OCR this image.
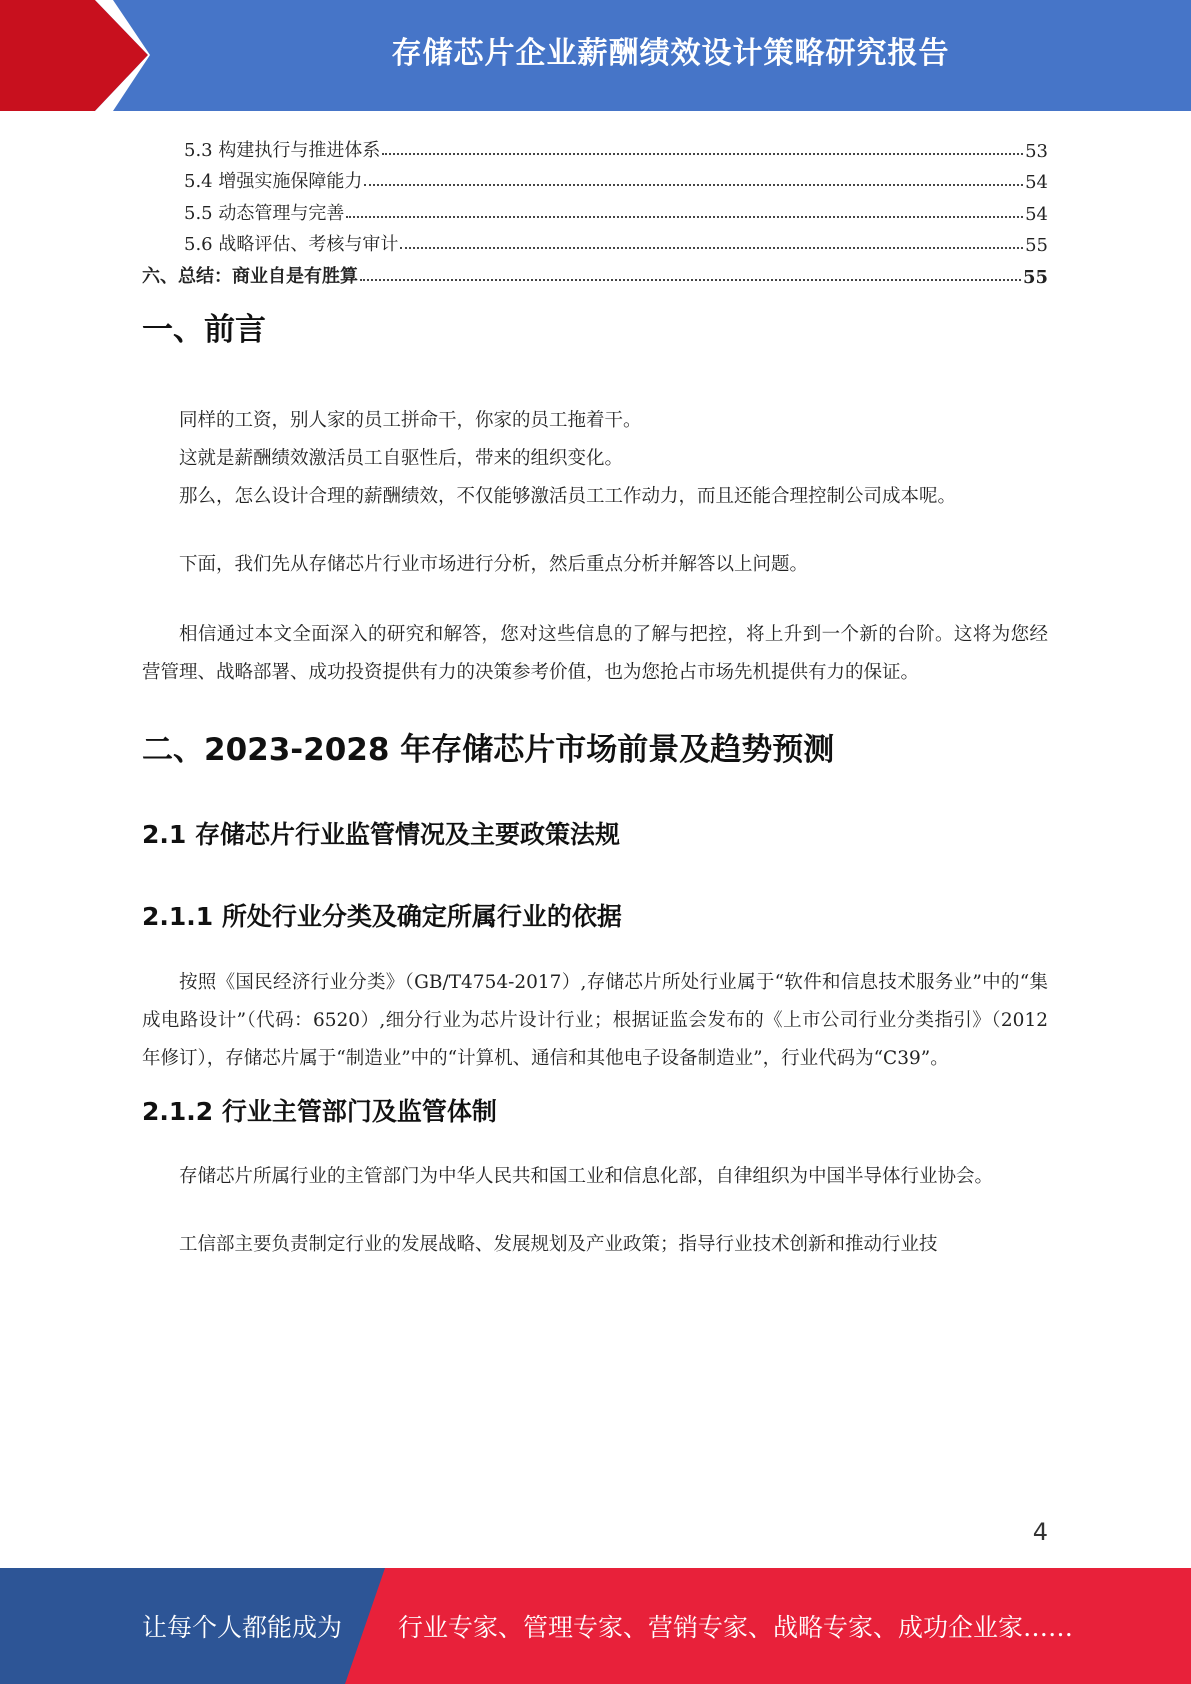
存储芯片企业薪酬绩效设计策略研究报告
5.3 构建执行与推进体系	53
5.4 增强实施保障能力	54
5.5 动态管理与完善	54
5.6 战略评估、考核与审计	55
六、总结：商业自是有胜算	55
一、前言

同样的工资，别人家的员工拼命干，你家的员工拖着干。

这就是薪酬绩效激活员工自驱性后，带来的组织变化。

那么，怎么设计合理的薪酬绩效，不仅能够激活员工工作动力，而且还能合理控制公司成本呢。

下面，我们先从存储芯片行业市场进行分析，然后重点分析并解答以上问题。

相信通过本文全面深入的研究和解答，您对这些信息的了解与把控，将上升到一个新的台阶。这将为您经营管理、战略部署、成功投资提供有力的决策参考价值，也为您抢占市场先机提供有力的保证。

二、2023-2028 年存储芯片市场前景及趋势预测
2.1 存储芯片行业监管情况及主要政策法规
2.1.1 所处行业分类及确定所属行业的依据

按照《国民经济行业分类》（GB/T4754-2017）,存储芯片所处行业属于“软件和信息技术服务业”中的“集成电路设计”（代码：6520）,细分行业为芯片设计行业；根据证监会发布的《上市公司行业分类指引》（2012 年修订），存储芯片属于“制造业”中的“计算机、通信和其他电子设备制造业”，行业代码为“C39”。

2.1.2 行业主管部门及监管体制

存储芯片所属行业的主管部门为中华人民共和国工业和信息化部，自律组织为中国半导体行业协会。

工信部主要负责制定行业的发展战略、发展规划及产业政策；指导行业技术创新和推动行业技

4
让每个人都能成为 行业专家、管理专家、营销专家、战略专家、成功企业家……
